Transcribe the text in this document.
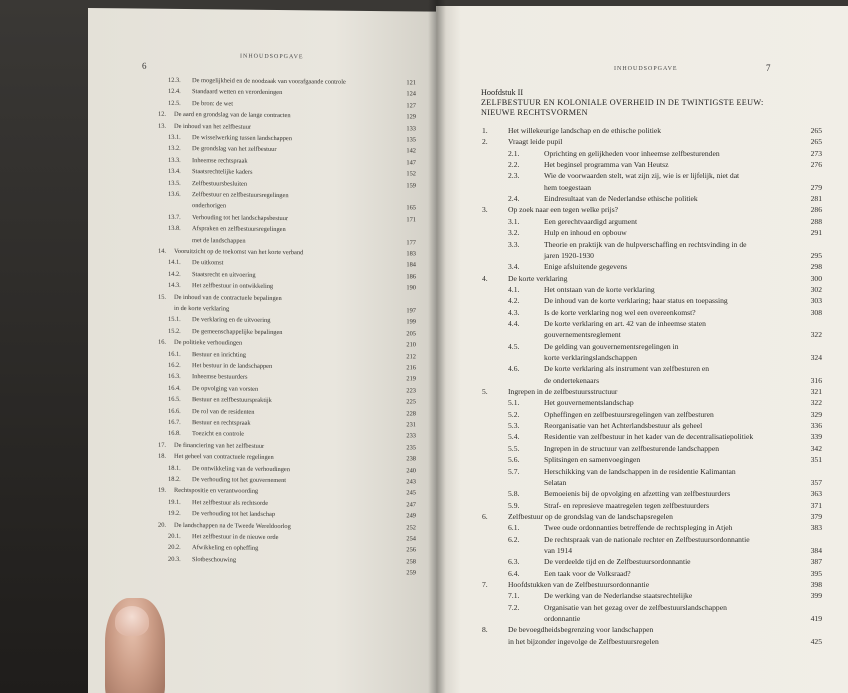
6
INHOUDSOPGAVE
12.3. De mogelijkheid en de noodzaak van voorafgaande controle	121
12.4. Standaard wetten en verordeningen	124
12.5. De bron: de wet	127
12. De aard en grondslag van de lange contracten	129
13. De inhoud van het zelfbestuur	133
13.1. De wisselwerking tussen landschappen	135
13.2. De grondslag van het zelfbestuur	142
13.3. Inheemse rechtspraak	147
13.4. Staatsrechtelijke kaders	152
13.5. Zelfbestuursbesluiten	159
13.6. Zelfbestuur en zelfbestuursregelingen
onderhorigen	165
13.7. Verhouding tot het landschapsbestuur	171
13.8. Afspraken en zelfbestuursregelingen
met de landschappen	177
14. Vooruitzicht op de toekomst van het korte verband	183
14.1. De uitkomst	184
14.2. Staatsrecht en uitvoering	186
14.3. Het zelfbestuur in ontwikkeling	190
15. De inhoud van de contractuele bepalingen
in de korte verklaring	197
15.1. De verklaring en de uitvoering	199
15.2. De gemeenschappelijke bepalingen	205
16. De politieke verhoudingen	210
16.1. Bestuur en inrichting	212
16.2. Het bestuur in de landschappen	216
16.3. Inheemse bestuurders	219
16.4. De opvolging van vorsten	223
16.5. Bestuur en zelfbestuurspraktijk	225
16.6. De rol van de residenten	228
16.7. Bestuur en rechtspraak	231
16.8. Toezicht en controle	233
17. De financiering van het zelfbestuur	235
18. Het geheel van contractuele regelingen	238
18.1. De ontwikkeling van de verhoudingen	240
18.2. De verhouding tot het gouvernement	243
19. Rechtspositie en verantwoording	245
19.1. Het zelfbestuur als rechtsorde	247
19.2. De verhouding tot het landschap	249
20. De landschappen na de Tweede Wereldoorlog	252
20.1. Het zelfbestuur in de nieuwe orde	254
20.2. Afwikkeling en opheffing	256
20.3. Slotbeschouwing	258
259
INHOUDSOPGAVE	7
Hoofdstuk II
ZELFBESTUUR EN KOLONIALE OVERHEID IN DE TWINTIGSTE EEUW:
NIEUWE RECHTSVORMEN
1.	Het willekeurige landschap en de ethische politiek	265
2.	Vraagt leide pupil	265
2.1.	Oprichting en gelijkheden voor inheemse zelfbesturenden	273
2.2.	Het beginsel programma van Van Heutsz	276
2.3.	Wie de voorwaarden stelt, wat zijn zij, wie is er lijfelijk, niet dat
hem toegestaan	279
2.4.	Eindresultaat van de Nederlandse ethische politiek	281
3.	Op zoek naar een tegen welke prijs?	286
3.1.	Een gerechtvaardigd argument	288
3.2.	Hulp en inhoud en opbouw	291
3.3.	Theorie en praktijk van de hulpverschaffing en rechtsvinding in de
jaren 1920-1930	295
3.4.	Enige afsluitende gegevens	298
4.	De korte verklaring	300
4.1.	Het ontstaan van de korte verklaring	302
4.2.	De inhoud van de korte verklaring; haar status en toepassing	303
4.3.	Is de korte verklaring nog wel een overeenkomst?	308
4.4.	De korte verklaring en art. 42 van de inheemse staten
gouvernementsreglement	322
4.5.	De gelding van gouvernementsregelingen in
korte verklaringslandschappen	324
4.6.	De korte verklaring als instrument van zelfbesturen en
de ondertekenaars	316
5.	Ingrepen in de zelfbestuursstructuur	321
5.1.	Het gouvernementslandschap	322
5.2.	Opheffingen en zelfbestuursregelingen van zelfbesturen	329
5.3.	Reorganisatie van het Achterlandsbestuur als geheel	336
5.4.	Residentie van zelfbestuur in het kader van de decentralisatiepolitiek	339
5.5.	Ingrepen in de structuur van zelfbesturende landschappen	342
5.6.	Splitsingen en samenvoegingen	351
5.7.	Herschikking van de landschappen in de residentie Kalimantan
Selatan	357
5.8.	Bemoeienis bij de opvolging en afzetting van zelfbestuurders	363
5.9.	Straf- en represieve maatregelen tegen zelfbestuurders	371
6.	Zelfbestuur op de grondslag van de landschapsregelen	379
6.1.	Twee oude ordonnanties betreffende de rechtspleging in Atjeh	383
6.2.	De rechtspraak van de nationale rechter en Zelfbestuursordonnantie
van 1914	384
6.3.	De verdeelde tijd en de Zelfbestuursordonnantie	387
6.4.	Een taak voor de Volksraad?	395
7.	Hoofdstukken van de Zelfbestuursordonnantie	398
7.1.	De werking van de Nederlandse staatsrechtelijke	399
7.2.	Organisatie van het gezag over de zelfbestuurslandschappen
ordonnantie	419
8.	De bevoegdheidsbegrenzing voor landschappen
in het bijzonder ingevolge de Zelfbestuursregelen	425
